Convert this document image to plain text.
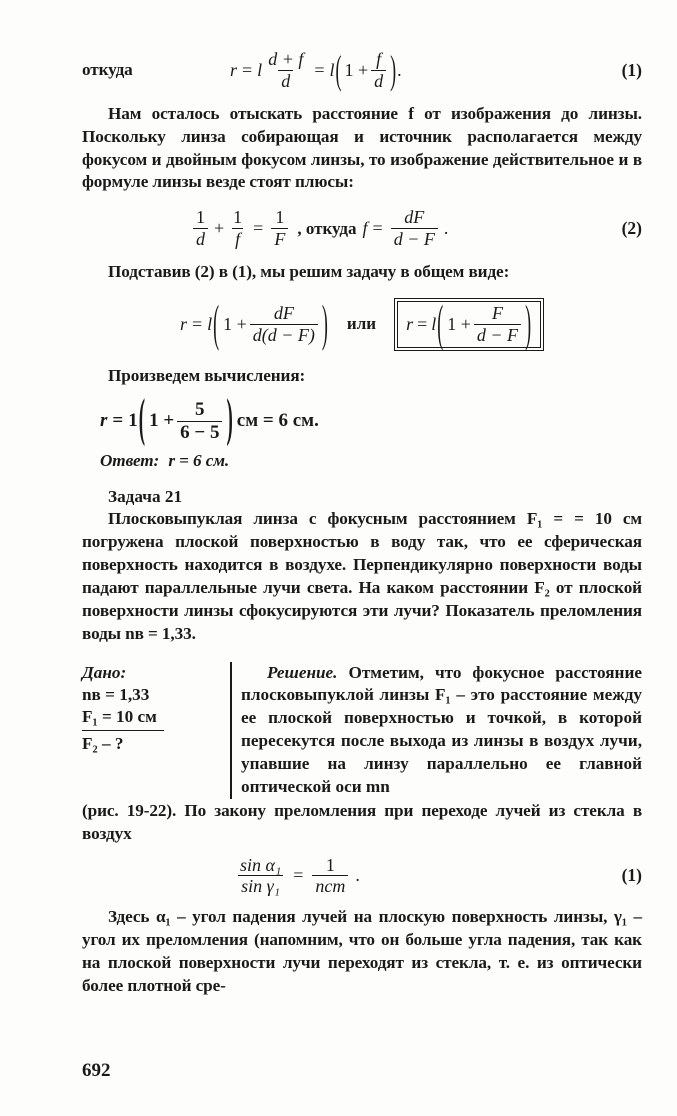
откуда	r = l $\frac{d + f}{d} = l$ ( $1 + \frac{f}{d}$ ) .	(1)

Нам осталось отыскать расстояние f от изображения до линзы. Поскольку линза собирающая и источник располагается между фокусом и двойным фокусом линзы, то изображение действительное и в формуле линзы везде стоят плюсы:

$\frac{1}{d} + \frac{1}{f} = \frac{1}{F}$ , откуда $f = \frac{dF}{d - F}$ .	(2)

Подставив (2) в (1), мы решим задачу в общем виде:

r = l ( $1 + \frac{dF}{d(d - F)}$ ) или r = l ( $1 + \frac{F}{d - F}$ )

Произведем вычисления:

r = 1 ( $1 + \frac{5}{6 - 5}$ ) см = 6 см.
Ответ: r = 6 см.
Задача 21

Плосковыпуклая линза с фокусным расстоянием F₁ = = 10 см погружена плоской поверхностью в воду так, что ее сферическая поверхность находится в воздухе. Перпендикулярно поверхности воды падают параллельные лучи света. На каком расстоянии F₂ от плоской поверхности линзы сфокусируются эти лучи? Показатель преломления воды nв = 1,33.

Дано:
nв = 1,33
F₁ = 10 см
F₂ – ?
Решение. Отметим, что фокусное расстояние плосковыпуклой линзы F₁ – это расстояние между ее плоской поверхностью и точкой, в которой пересекутся после выхода из линзы в воздух лучи, упавшие на линзу параллельно ее главной оптической оси mn

(рис. 19-22). По закону преломления при переходе лучей из стекла в воздух

$\frac{\text{sin α₁}}{\text{sin γ₁}} = \frac{1}{\text{nст}}$ .	(1)

Здесь α₁ – угол падения лучей на плоскую поверхность линзы, γ₁ – угол их преломления (напомним, что он больше угла падения, так как на плоской поверхности лучи переходят из стекла, т. е. из оптически более плотной сре-

692
